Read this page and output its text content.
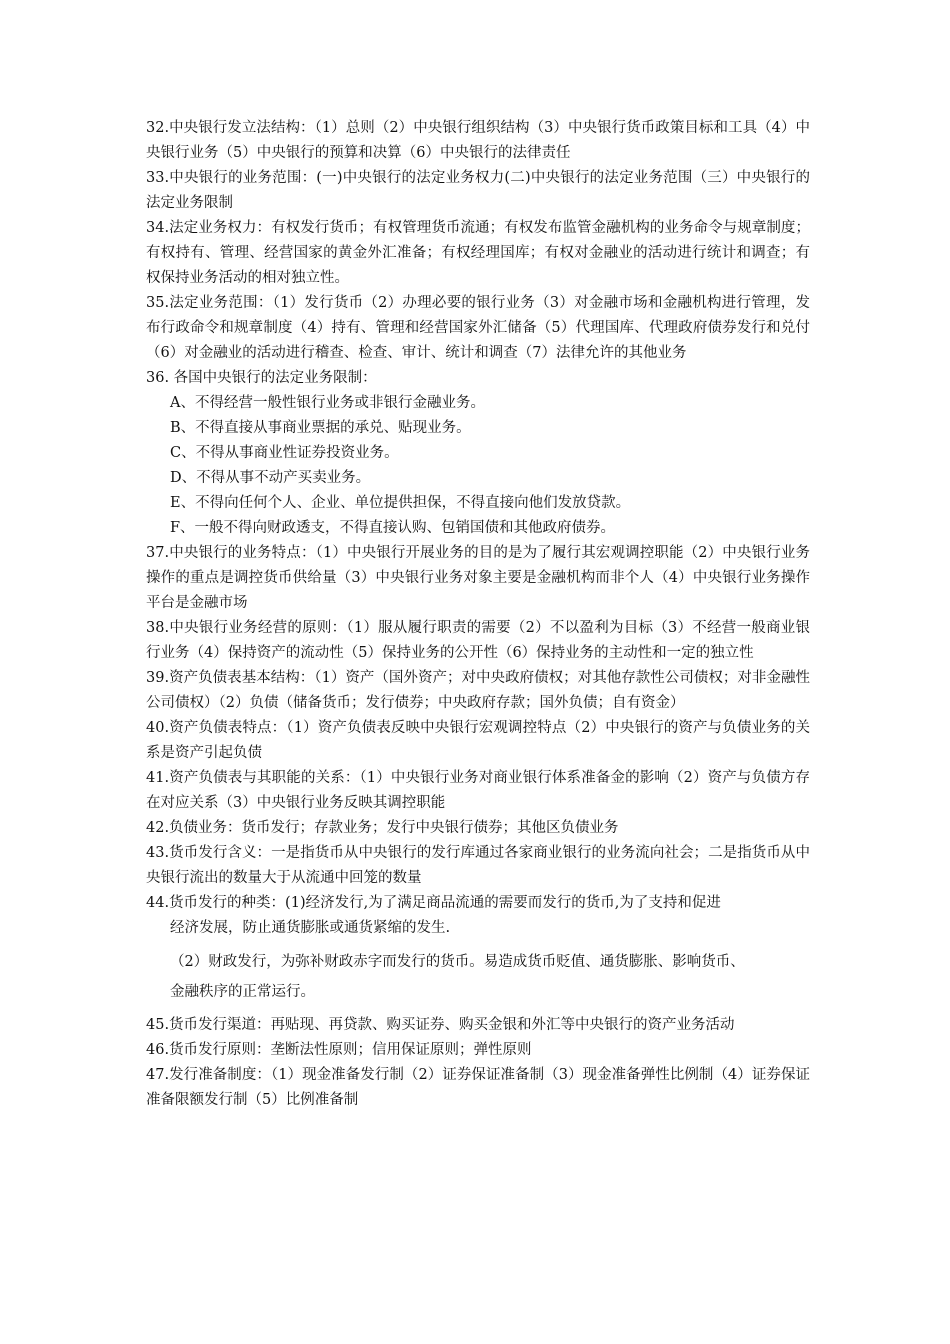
32.中央银行发立法结构：（1）总则（2）中央银行组织结构（3）中央银行货币政策目标和工具（4）中央银行业务（5）中央银行的预算和决算（6）中央银行的法律责任

33.中央银行的业务范围：(一)中央银行的法定业务权力(二)中央银行的法定业务范围（三）中央银行的法定业务限制

34.法定业务权力：有权发行货币；有权管理货币流通；有权发布监管金融机构的业务命令与规章制度；有权持有、管理、经营国家的黄金外汇准备；有权经理国库；有权对金融业的活动进行统计和调查；有权保持业务活动的相对独立性。

35.法定业务范围：（1）发行货币（2）办理必要的银行业务（3）对金融市场和金融机构进行管理，发布行政命令和规章制度（4）持有、管理和经营国家外汇储备（5）代理国库、代理政府债券发行和兑付（6）对金融业的活动进行稽查、检查、审计、统计和调查（7）法律允许的其他业务

36. 各国中央银行的法定业务限制：

A、不得经营一般性银行业务或非银行金融业务。

B、不得直接从事商业票据的承兑、贴现业务。

C、不得从事商业性证券投资业务。

D、不得从事不动产买卖业务。

E、不得向任何个人、企业、单位提供担保，不得直接向他们发放贷款。

F、一般不得向财政透支，不得直接认购、包销国债和其他政府债券。

37.中央银行的业务特点：（1）中央银行开展业务的目的是为了履行其宏观调控职能（2）中央银行业务操作的重点是调控货币供给量（3）中央银行业务对象主要是金融机构而非个人（4）中央银行业务操作平台是金融市场

38.中央银行业务经营的原则：（1）服从履行职责的需要（2）不以盈利为目标（3）不经营一般商业银行业务（4）保持资产的流动性（5）保持业务的公开性（6）保持业务的主动性和一定的独立性

39.资产负债表基本结构：（1）资产（国外资产；对中央政府债权；对其他存款性公司债权；对非金融性公司债权）（2）负债（储备货币；发行债券；中央政府存款；国外负债；自有资金）

40.资产负债表特点：（1）资产负债表反映中央银行宏观调控特点（2）中央银行的资产与负债业务的关系是资产引起负债

41.资产负债表与其职能的关系：（1）中央银行业务对商业银行体系准备金的影响（2）资产与负债方存在对应关系（3）中央银行业务反映其调控职能

42.负债业务：货币发行；存款业务；发行中央银行债券；其他区负债业务

43.货币发行含义：一是指货币从中央银行的发行库通过各家商业银行的业务流向社会；二是指货币从中央银行流出的数量大于从流通中回笼的数量

44.货币发行的种类：(1)经济发行,为了满足商品流通的需要而发行的货币,为了支持和促进

经济发展，防止通货膨胀或通货紧缩的发生.

（2）财政发行，为弥补财政赤字而发行的货币。易造成货币贬值、通货膨胀、影响货币、

金融秩序的正常运行。

45.货币发行渠道：再贴现、再贷款、购买证券、购买金银和外汇等中央银行的资产业务活动

46.货币发行原则：垄断法性原则；信用保证原则；弹性原则

47.发行准备制度：（1）现金准备发行制（2）证券保证准备制（3）现金准备弹性比例制（4）证券保证准备限额发行制（5）比例准备制
